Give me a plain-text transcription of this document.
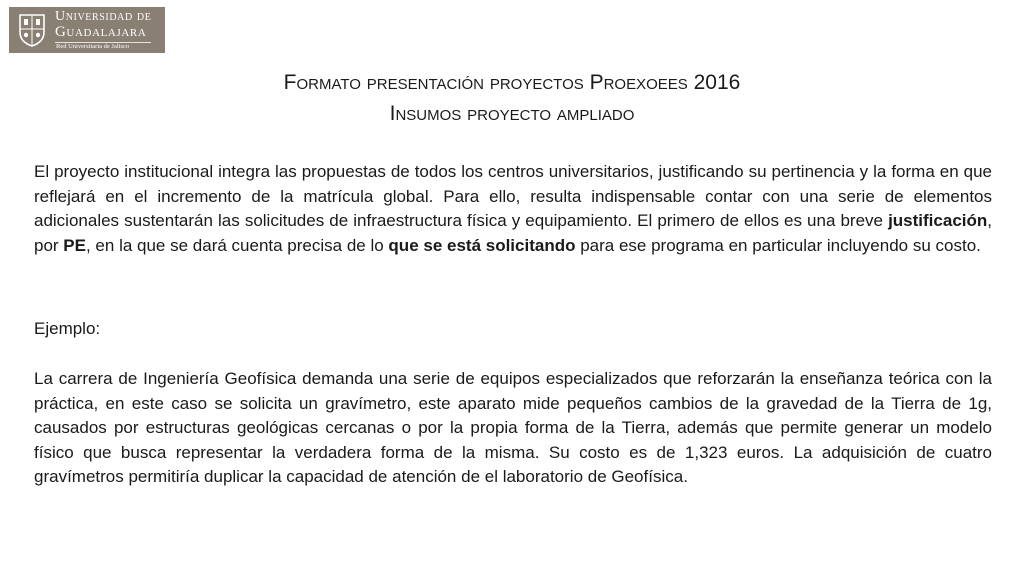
Universidad de
Guadalajara
Red Universitaria de Jalisco
Formato presentación proyectos Proexoees 2016
Insumos proyecto ampliado

El proyecto institucional integra las propuestas de todos los centros universitarios, justificando su pertinencia y la forma en que reflejará en el incremento de la matrícula global. Para ello, resulta indispensable contar con una serie de elementos adicionales sustentarán las solicitudes de infraestructura física y equipamiento. El primero de ellos es una breve justificación, por PE, en la que se dará cuenta precisa de lo que se está solicitando para ese programa en particular incluyendo su costo.

Ejemplo:

La carrera de Ingeniería Geofísica demanda una serie de equipos especializados que reforzarán la enseñanza teórica con la práctica, en este caso se solicita un gravímetro, este aparato mide pequeños cambios de la gravedad de la Tierra de 1g, causados por estructuras geológicas cercanas o por la propia forma de la Tierra, además que permite generar un modelo físico que busca representar la verdadera forma de la misma. Su costo es de 1,323 euros. La adquisición de cuatro gravímetros permitiría duplicar la capacidad de atención de el laboratorio de Geofísica.
